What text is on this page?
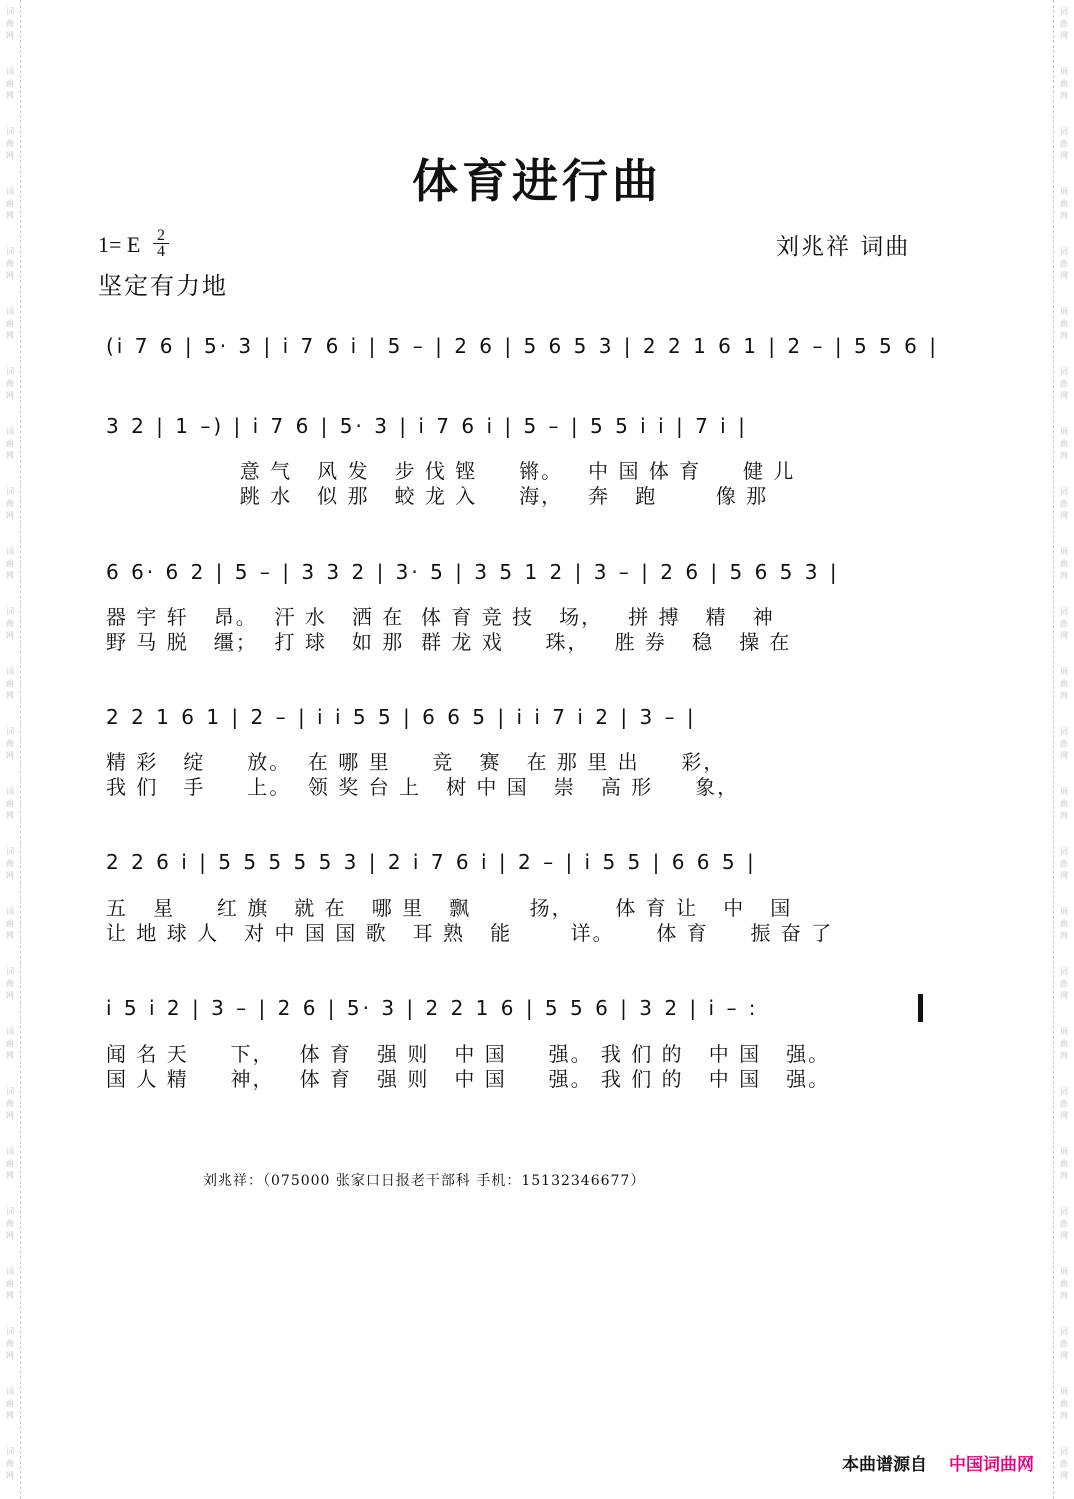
词
曲
网
词
曲
网
词
曲
网
词
曲
网
词
曲
网
词
曲
网
词
曲
网
词
曲
网
词
曲
网
词
曲
网
词
曲
网
词
曲
网
词
曲
网
词
曲
网
词
曲
网
词
曲
网
词
曲
网
词
曲
网
词
曲
网
词
曲
网
词
曲
网
词
曲
网
词
曲
网
词
曲
网
词
曲
网
词
曲
网
词
曲
网
词
曲
网
词
曲
网
词
曲
网
词
曲
网
词
曲
网
词
曲
网
词
曲
网
词
曲
网
词
曲
网
词
曲
网
词
曲
网
词
曲
网
词
曲
网
词
曲
网
词
曲
网
词
曲
网
词
曲
网
词
曲
网
词
曲
网
词
曲
网
词
曲
网
词
曲
网
词
曲
网
体育进行曲
1= E 2
4
坚定有力地
刘兆祥 词曲
(i 7 6 | 5· 3 | i 7 6 i | 5 – | 2 6 | 5 6 5 3 | 2 2 1 6 1 | 2 – | 5 5 6 |
3 2 | 1 –) | i 7 6 | 5· 3 | i 7 6 i | 5 – | 5 5 i i | 7 i |
意 气   风 发   步 伐 铿     锵。   中 国 体 育     健 儿
跳 水   似 那   蛟 龙 入     海，   奔   跑       像 那
6 6· 6 2 | 5 – | 3 3 2 | 3· 5 | 3 5 1 2 | 3 – | 2 6 | 5 6 5 3 |
器 宇 轩   昂。  汗 水   洒 在  体 育 竞 技   场，   拼 搏   精   神
野 马 脱   缰；  打 球   如 那  群 龙 戏     珠，   胜 券   稳   操 在
2 2 1 6 1 | 2 – | i i 5 5 | 6 6 5 | i i 7 i 2 | 3 – |
精 彩   绽     放。  在 哪 里     竞   赛   在 那 里 出     彩，
我 们   手     上。  领 奖 台 上   树 中 国   崇   高 形     象，
2 2 6 i | 5 5 5 5 5 3 | 2 i 7 6 i | 2 – | i 5 5 | 6 6 5 |
五   星     红 旗   就 在   哪 里   飘       扬，     体 育 让   中   国
让 地 球 人   对 中 国 国 歌   耳 熟   能       详。     体 育     振 奋 了
i 5 i 2 | 3 – | 2 6 | 5· 3 | 2 2 1 6 | 5 5 6 | 3 2 | i – :
闻 名 天     下，   体 育   强 则   中 国     强。 我 们 的   中 国   强。
国 人 精     神，   体 育   强 则   中 国     强。 我 们 的   中 国   强。
刘兆祥：（075000 张家口日报老干部科 手机：15132346677）
本曲谱源自 中国词曲网
